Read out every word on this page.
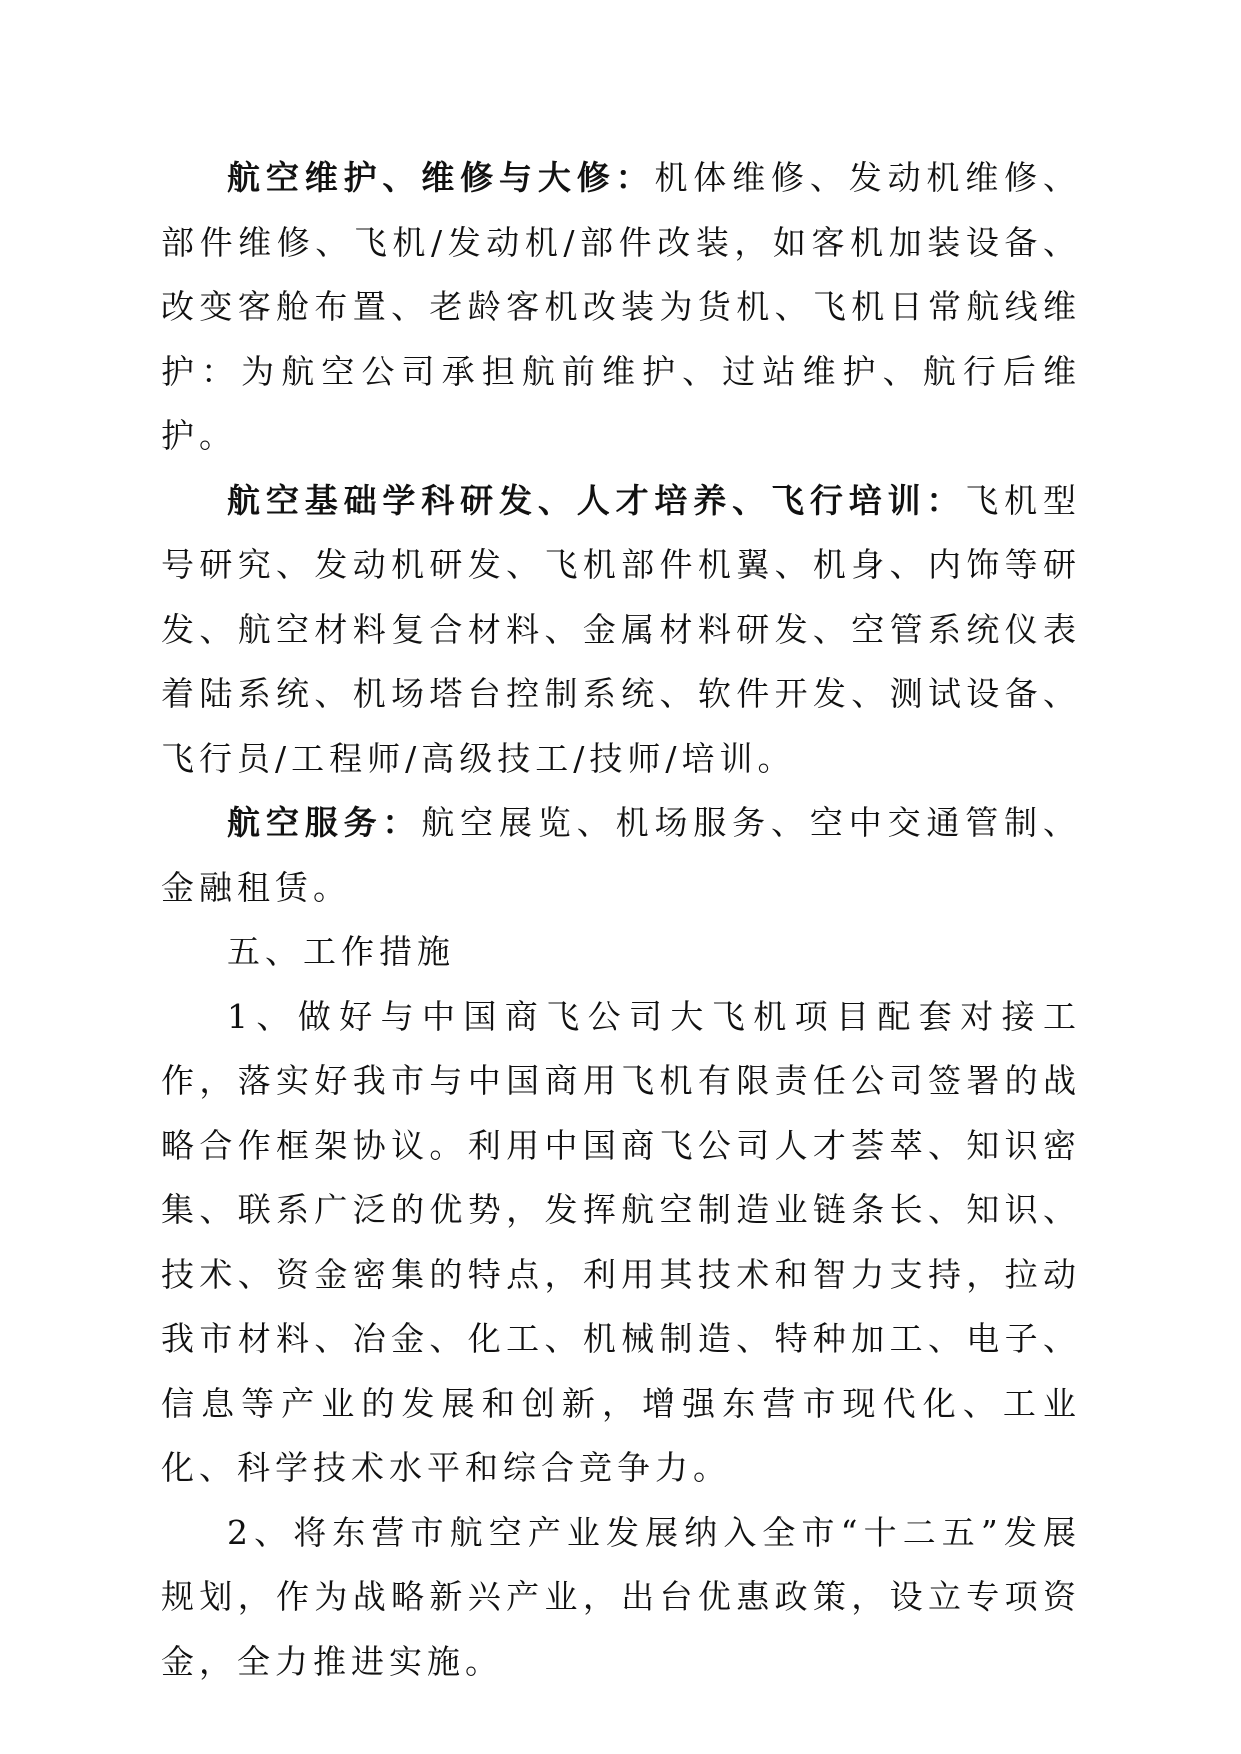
航空维护、维修与大修：机体维修、发动机维修、部件维修、飞机/发动机/部件改装，如客机加装设备、改变客舱布置、老龄客机改装为货机、飞机日常航线维护：为航空公司承担航前维护、过站维护、航行后维护。

航空基础学科研发、人才培养、飞行培训：飞机型号研究、发动机研发、飞机部件机翼、机身、内饰等研发、航空材料复合材料、金属材料研发、空管系统仪表着陆系统、机场塔台控制系统、软件开发、测试设备、飞行员/工程师/高级技工/技师/培训。

航空服务：航空展览、机场服务、空中交通管制、金融租赁。

五、工作措施

1、做好与中国商飞公司大飞机项目配套对接工作，落实好我市与中国商用飞机有限责任公司签署的战略合作框架协议。利用中国商飞公司人才荟萃、知识密集、联系广泛的优势，发挥航空制造业链条长、知识、技术、资金密集的特点，利用其技术和智力支持，拉动我市材料、冶金、化工、机械制造、特种加工、电子、信息等产业的发展和创新，增强东营市现代化、工业化、科学技术水平和综合竞争力。

2、将东营市航空产业发展纳入全市“十二五”发展规划，作为战略新兴产业，出台优惠政策，设立专项资金，全力推进实施。
